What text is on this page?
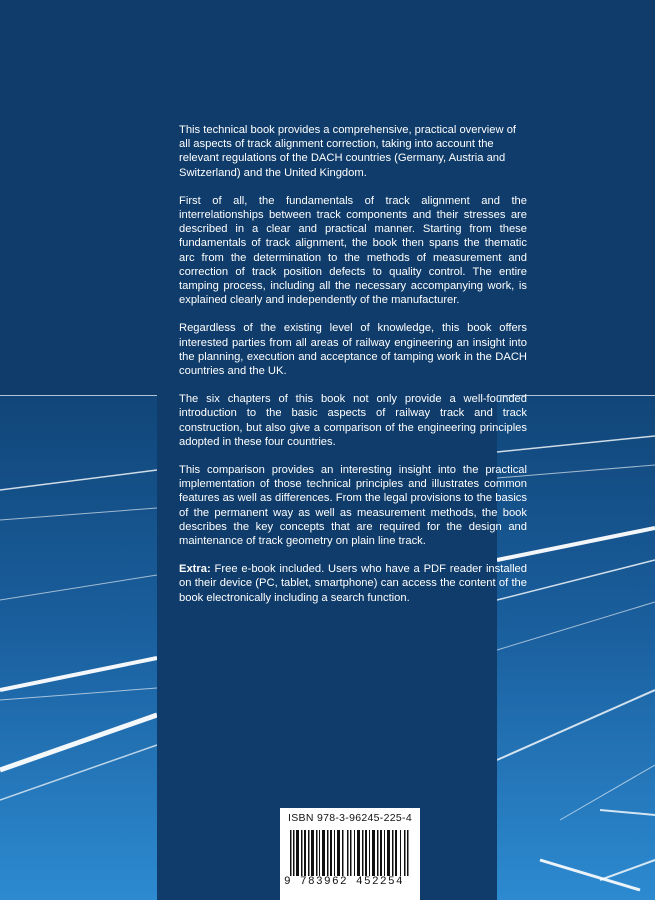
This technical book provides a comprehensive, practical overview of all aspects of track alignment correction, taking into account the relevant regulations of the DACH countries (Germany, Austria and Switzerland) and the United Kingdom.

First of all, the fundamentals of track alignment and the interrelationships between track components and their stresses are described in a clear and practical manner. Starting from these fundamentals of track alignment, the book then spans the thematic arc from the determination to the methods of measurement and correction of track position defects to quality control. The entire tamping process, including all the necessary accompanying work, is explained clearly and independently of the manufacturer.

Regardless of the existing level of knowledge, this book offers interested parties from all areas of railway engineering an insight into the planning, execution and acceptance of tamping work in the DACH countries and the UK.

The six chapters of this book not only provide a well-founded introduction to the basic aspects of railway track and track construction, but also give a comparison of the engineering principles adopted in these four countries.

This comparison provides an interesting insight into the practical implementation of those technical principles and illustrates common features as well as differences. From the legal provisions to the basics of the permanent way as well as measurement methods, the book describes the key concepts that are required for the design and maintenance of track geometry on plain line track.

Extra: Free e-book included. Users who have a PDF reader installed on their device (PC, tablet, smartphone) can access the content of the book electronically including a search function.

ISBN 978-3-96245-225-4
9 783962 452254
